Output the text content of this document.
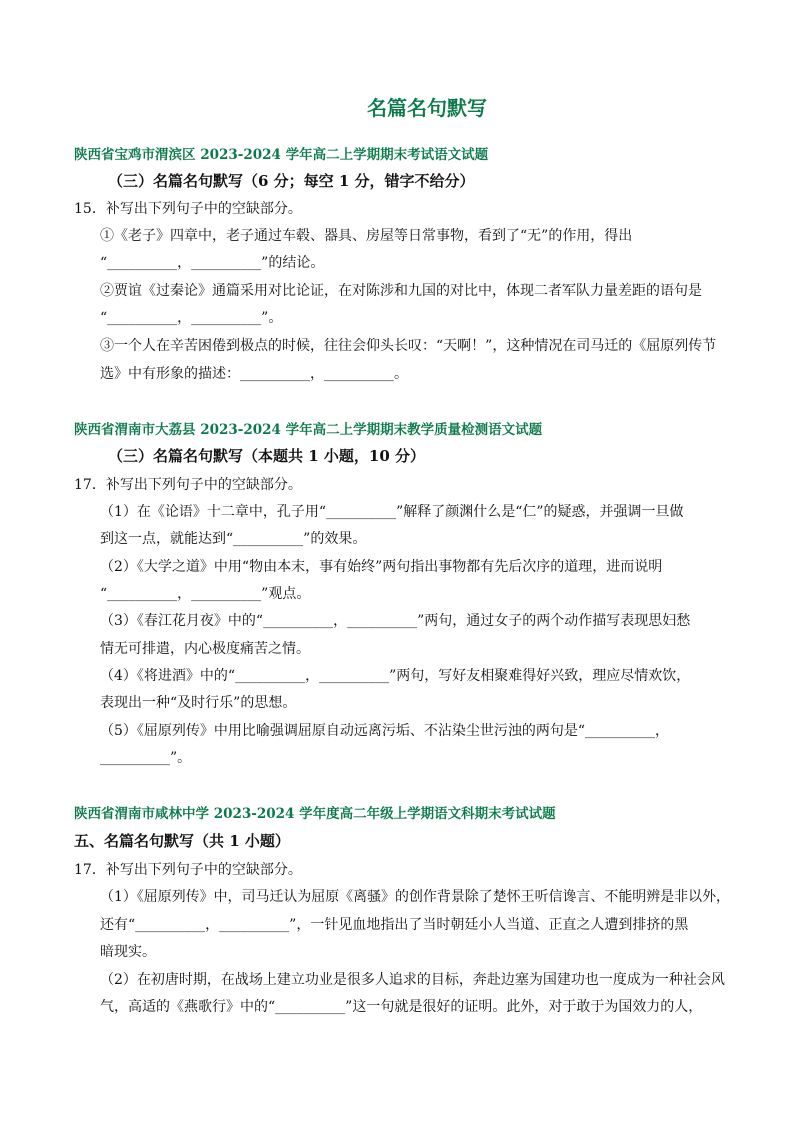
名篇名句默写
陕西省宝鸡市渭滨区 2023-2024 学年高二上学期期末考试语文试题
（三）名篇名句默写（6 分；每空 1 分，错字不给分）
15．补写出下列句子中的空缺部分。
①《老子》四章中，老子通过车毂、器具、房屋等日常事物，看到了“无”的作用，得出
“__________，__________”的结论。
②贾谊《过秦论》通篇采用对比论证，在对陈涉和九国的对比中，体现二者军队力量差距的语句是
“__________，__________”。
③一个人在辛苦困倦到极点的时候，往往会仰头长叹：“天啊！”，这种情况在司马迁的《屈原列传节
选》中有形象的描述：__________，__________。
陕西省渭南市大荔县 2023-2024 学年高二上学期期末教学质量检测语文试题
（三）名篇名句默写（本题共 1 小题，10 分）
17．补写出下列句子中的空缺部分。
（1）在《论语》十二章中，孔子用“__________”解释了颜渊什么是“仁”的疑惑，并强调一旦做
到这一点，就能达到“__________”的效果。
（2）《大学之道》中用“物由本末，事有始终”两句指出事物都有先后次序的道理，进而说明
“__________，__________”观点。
（3）《春江花月夜》中的“__________，__________”两句，通过女子的两个动作描写表现思妇愁
情无可排遣，内心极度痛苦之情。
（4）《将进酒》中的“__________，__________”两句，写好友相聚难得好兴致，理应尽情欢饮，
表现出一种“及时行乐”的思想。
（5）《屈原列传》中用比喻强调屈原自动远离污垢、不沾染尘世污浊的两句是“__________，
__________”。
陕西省渭南市咸林中学 2023-2024 学年度高二年级上学期语文科期末考试试题
五、名篇名句默写（共 1 小题）
17．补写出下列句子中的空缺部分。
（1）《屈原列传》中，司马迁认为屈原《离骚》的创作背景除了楚怀王听信谗言、不能明辨是非以外，
还有“__________，__________”，一针见血地指出了当时朝廷小人当道、正直之人遭到排挤的黑
暗现实。
（2）在初唐时期，在战场上建立功业是很多人追求的目标，奔赴边塞为国建功也一度成为一种社会风
气，高适的《燕歌行》中的“__________”这一句就是很好的证明。此外，对于敢于为国效力的人，
